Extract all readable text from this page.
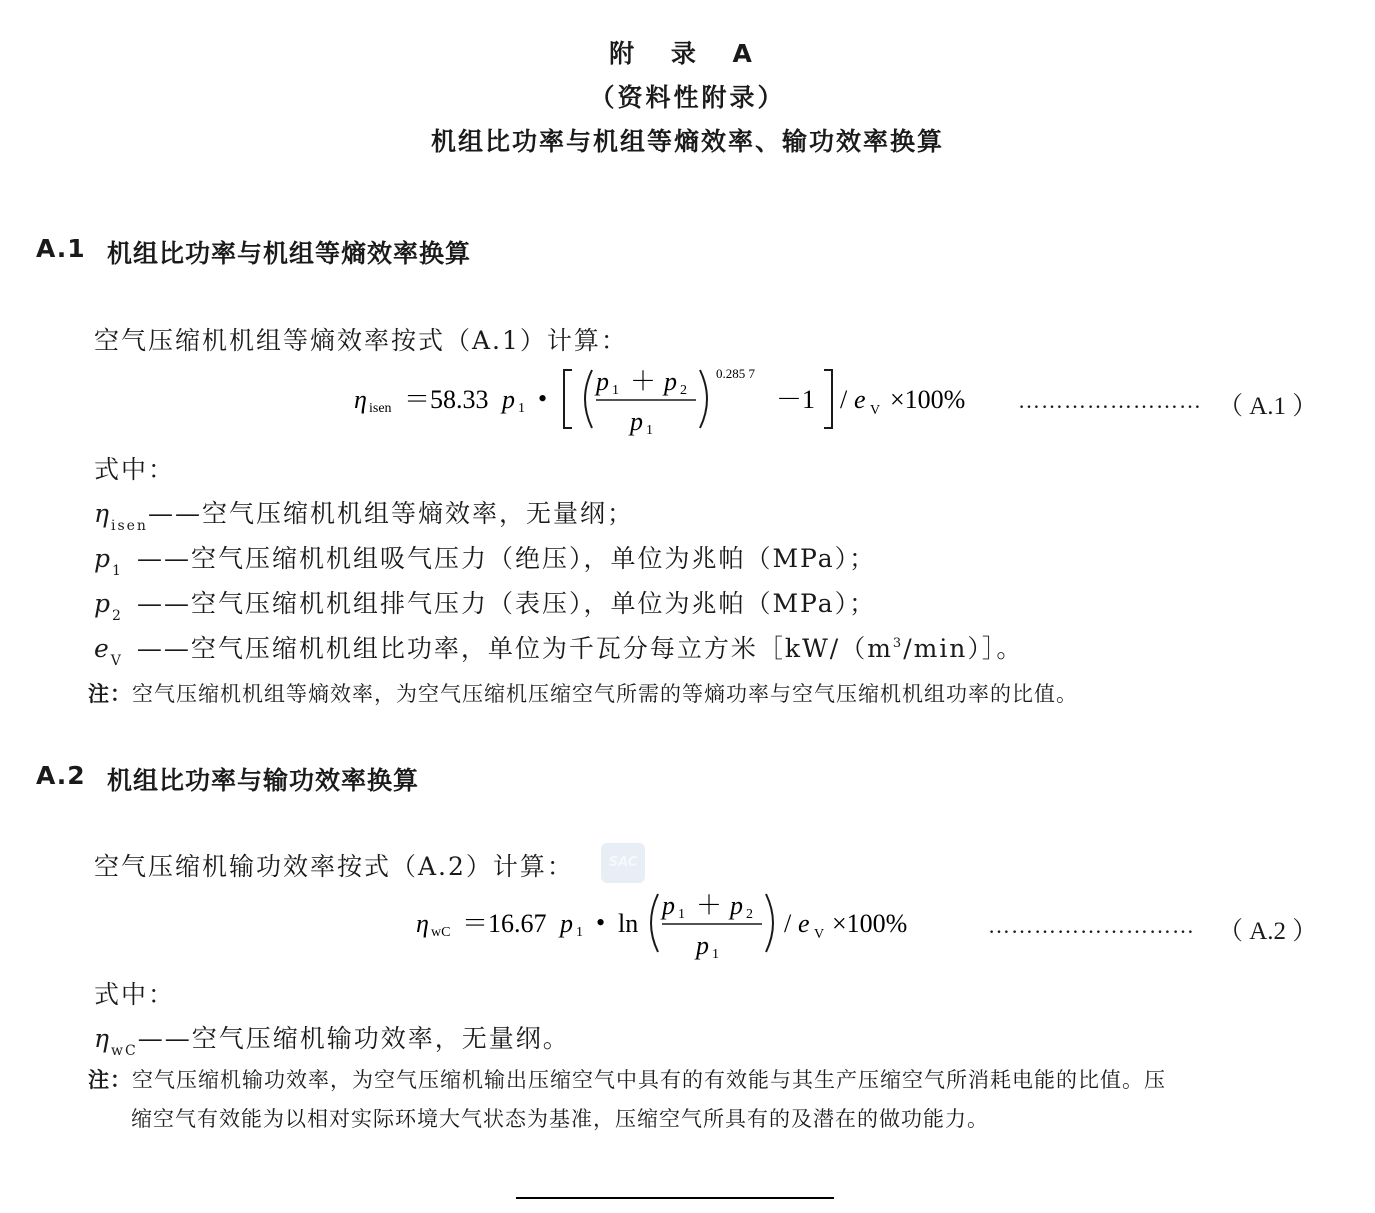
附 录 A
（资料性附录）
机组比功率与机组等熵效率、输功效率换算
A.1 机组比功率与机组等熵效率换算
空气压缩机机组等熵效率按式（A.1）计算：
η isen ＝58.33 p 1 •
p 1 ＋ p 2
p 1
0.285 7
－1 / e V ×100% …………………… （ A.1 ）
式中：
$\eta_{isen}——$空气压缩机机组等熵效率，无量纲；
$p_1$ ——空气压缩机机组吸气压力（绝压），单位为兆帕（MPa）；
$p_2$ ——空气压缩机机组排气压力（表压），单位为兆帕（MPa）；
$e_V$ ——空气压缩机机组比功率，单位为千瓦分每立方米$[kW/(m^3/\min)]$。
注：空气压缩机机组等熵效率，为空气压缩机压缩空气所需的等熵功率与空气压缩机机组功率的比值。
A.2 机组比功率与输功效率换算
空气压缩机输功效率按式（A.2）计算：	SAC
η wC ＝16.67 p 1 • ln
p 1 ＋ p 2
p 1
/ e V ×100%	……………………… （ A.2 ）
式中：
$\eta_{wC}——$空气压缩机输功效率，无量纲。
注：空气压缩机输功效率，为空气压缩机输出压缩空气中具有的有效能与其生产压缩空气所消耗电能的比值。压
缩空气有效能为以相对实际环境大气状态为基准，压缩空气所具有的及潜在的做功能力。
